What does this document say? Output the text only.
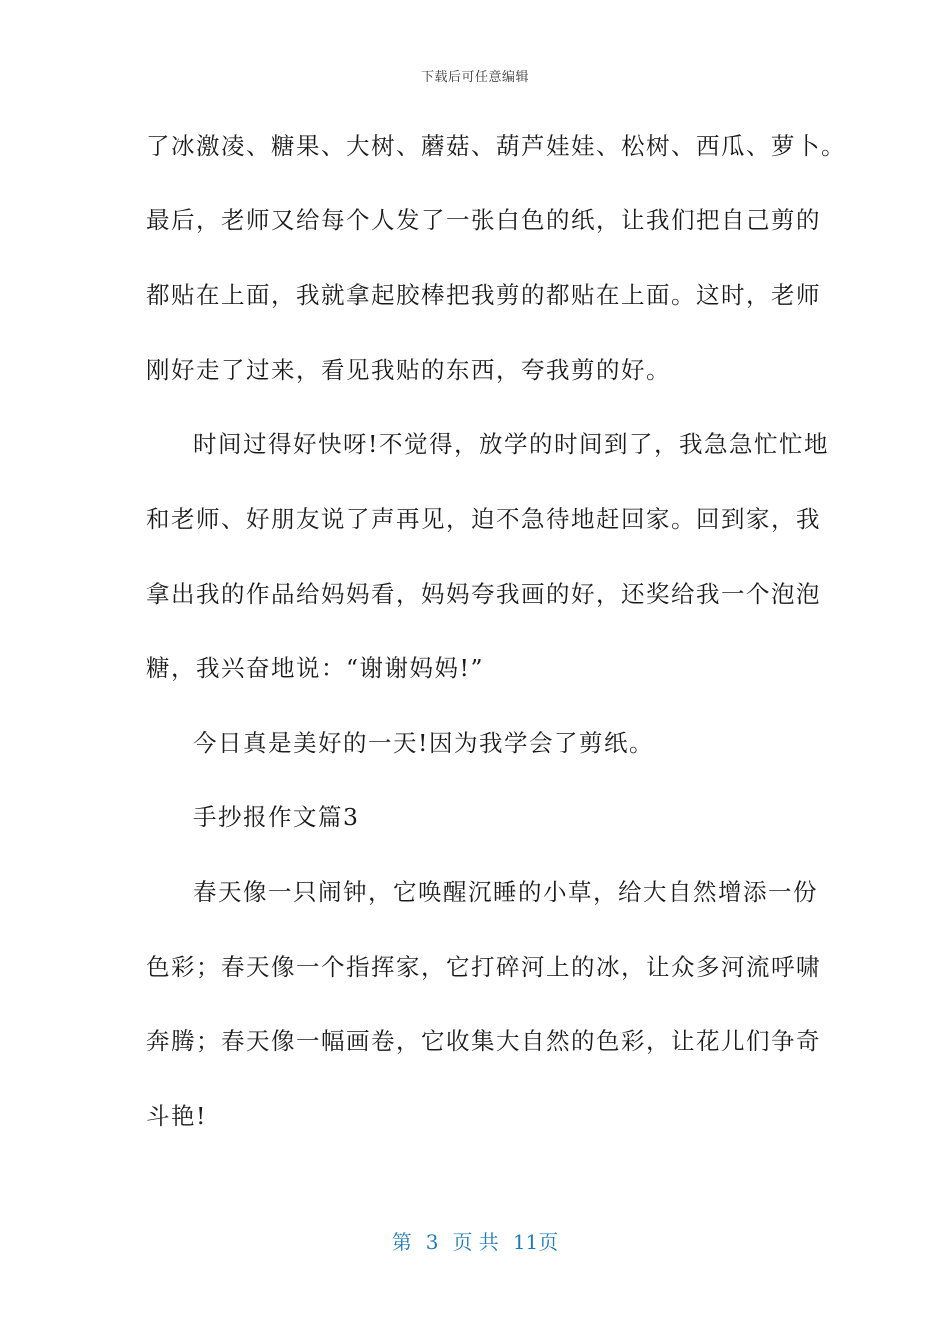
下载后可任意编辑
了冰激凌、糖果、大树、蘑菇、葫芦娃娃、松树、西瓜、萝卜。
最后，老师又给每个人发了一张白色的纸，让我们把自己剪的
都贴在上面，我就拿起胶棒把我剪的都贴在上面。这时，老师
刚好走了过来，看见我贴的东西，夸我剪的好。
时间过得好快呀!不觉得，放学的时间到了，我急急忙忙地
和老师、好朋友说了声再见，迫不急待地赶回家。回到家，我
拿出我的作品给妈妈看，妈妈夸我画的好，还奖给我一个泡泡
糖，我兴奋地说：“谢谢妈妈!”
今日真是美好的一天!因为我学会了剪纸。
手抄报作文篇3
春天像一只闹钟，它唤醒沉睡的小草，给大自然增添一份
色彩；春天像一个指挥家，它打碎河上的冰，让众多河流呼啸
奔腾；春天像一幅画卷，它收集大自然的色彩，让花儿们争奇
斗艳!
第 3 页 共 11页
